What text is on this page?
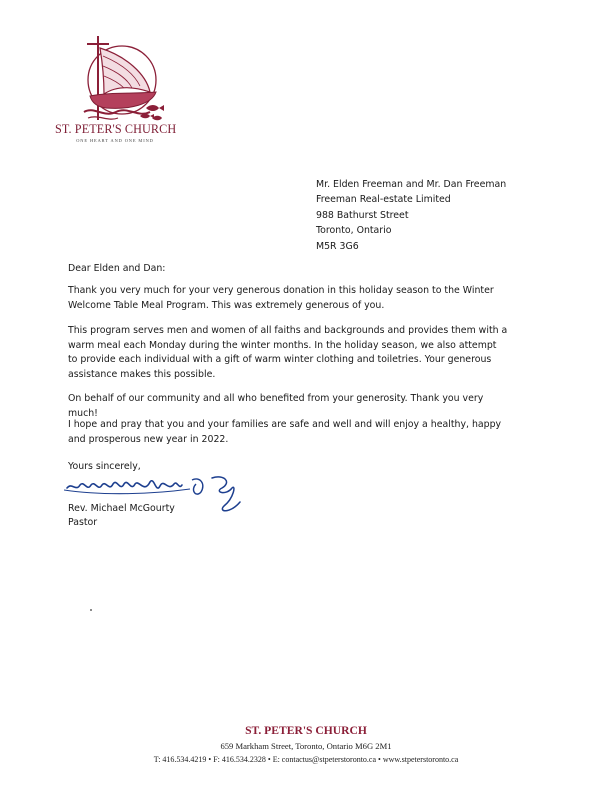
ST. PETER'S CHURCH
ONE HEART AND ONE MIND
Mr. Elden Freeman and Mr. Dan Freeman
Freeman Real-estate Limited
988 Bathurst Street
Toronto, Ontario
M5R 3G6

Dear Elden and Dan:

Thank you very much for your very generous donation in this holiday season to the Winter Welcome Table Meal Program. This was extremely generous of you.

This program serves men and women of all faiths and backgrounds and provides them with a warm meal each Monday during the winter months. In the holiday season, we also attempt to provide each individual with a gift of warm winter clothing and toiletries. Your generous assistance makes this possible.

On behalf of our community and all who benefited from your generosity. Thank you very much!

I hope and pray that you and your families are safe and well and will enjoy a healthy, happy and prosperous new year in 2022.

Yours sincerely,
Rev. Michael McGourty
Pastor
ST. PETER'S CHURCH
659 Markham Street, Toronto, Ontario M6G 2M1
T: 416.534.4219 • F: 416.534.2328 • E: contactus@stpeterstoronto.ca • www.stpeterstoronto.ca
